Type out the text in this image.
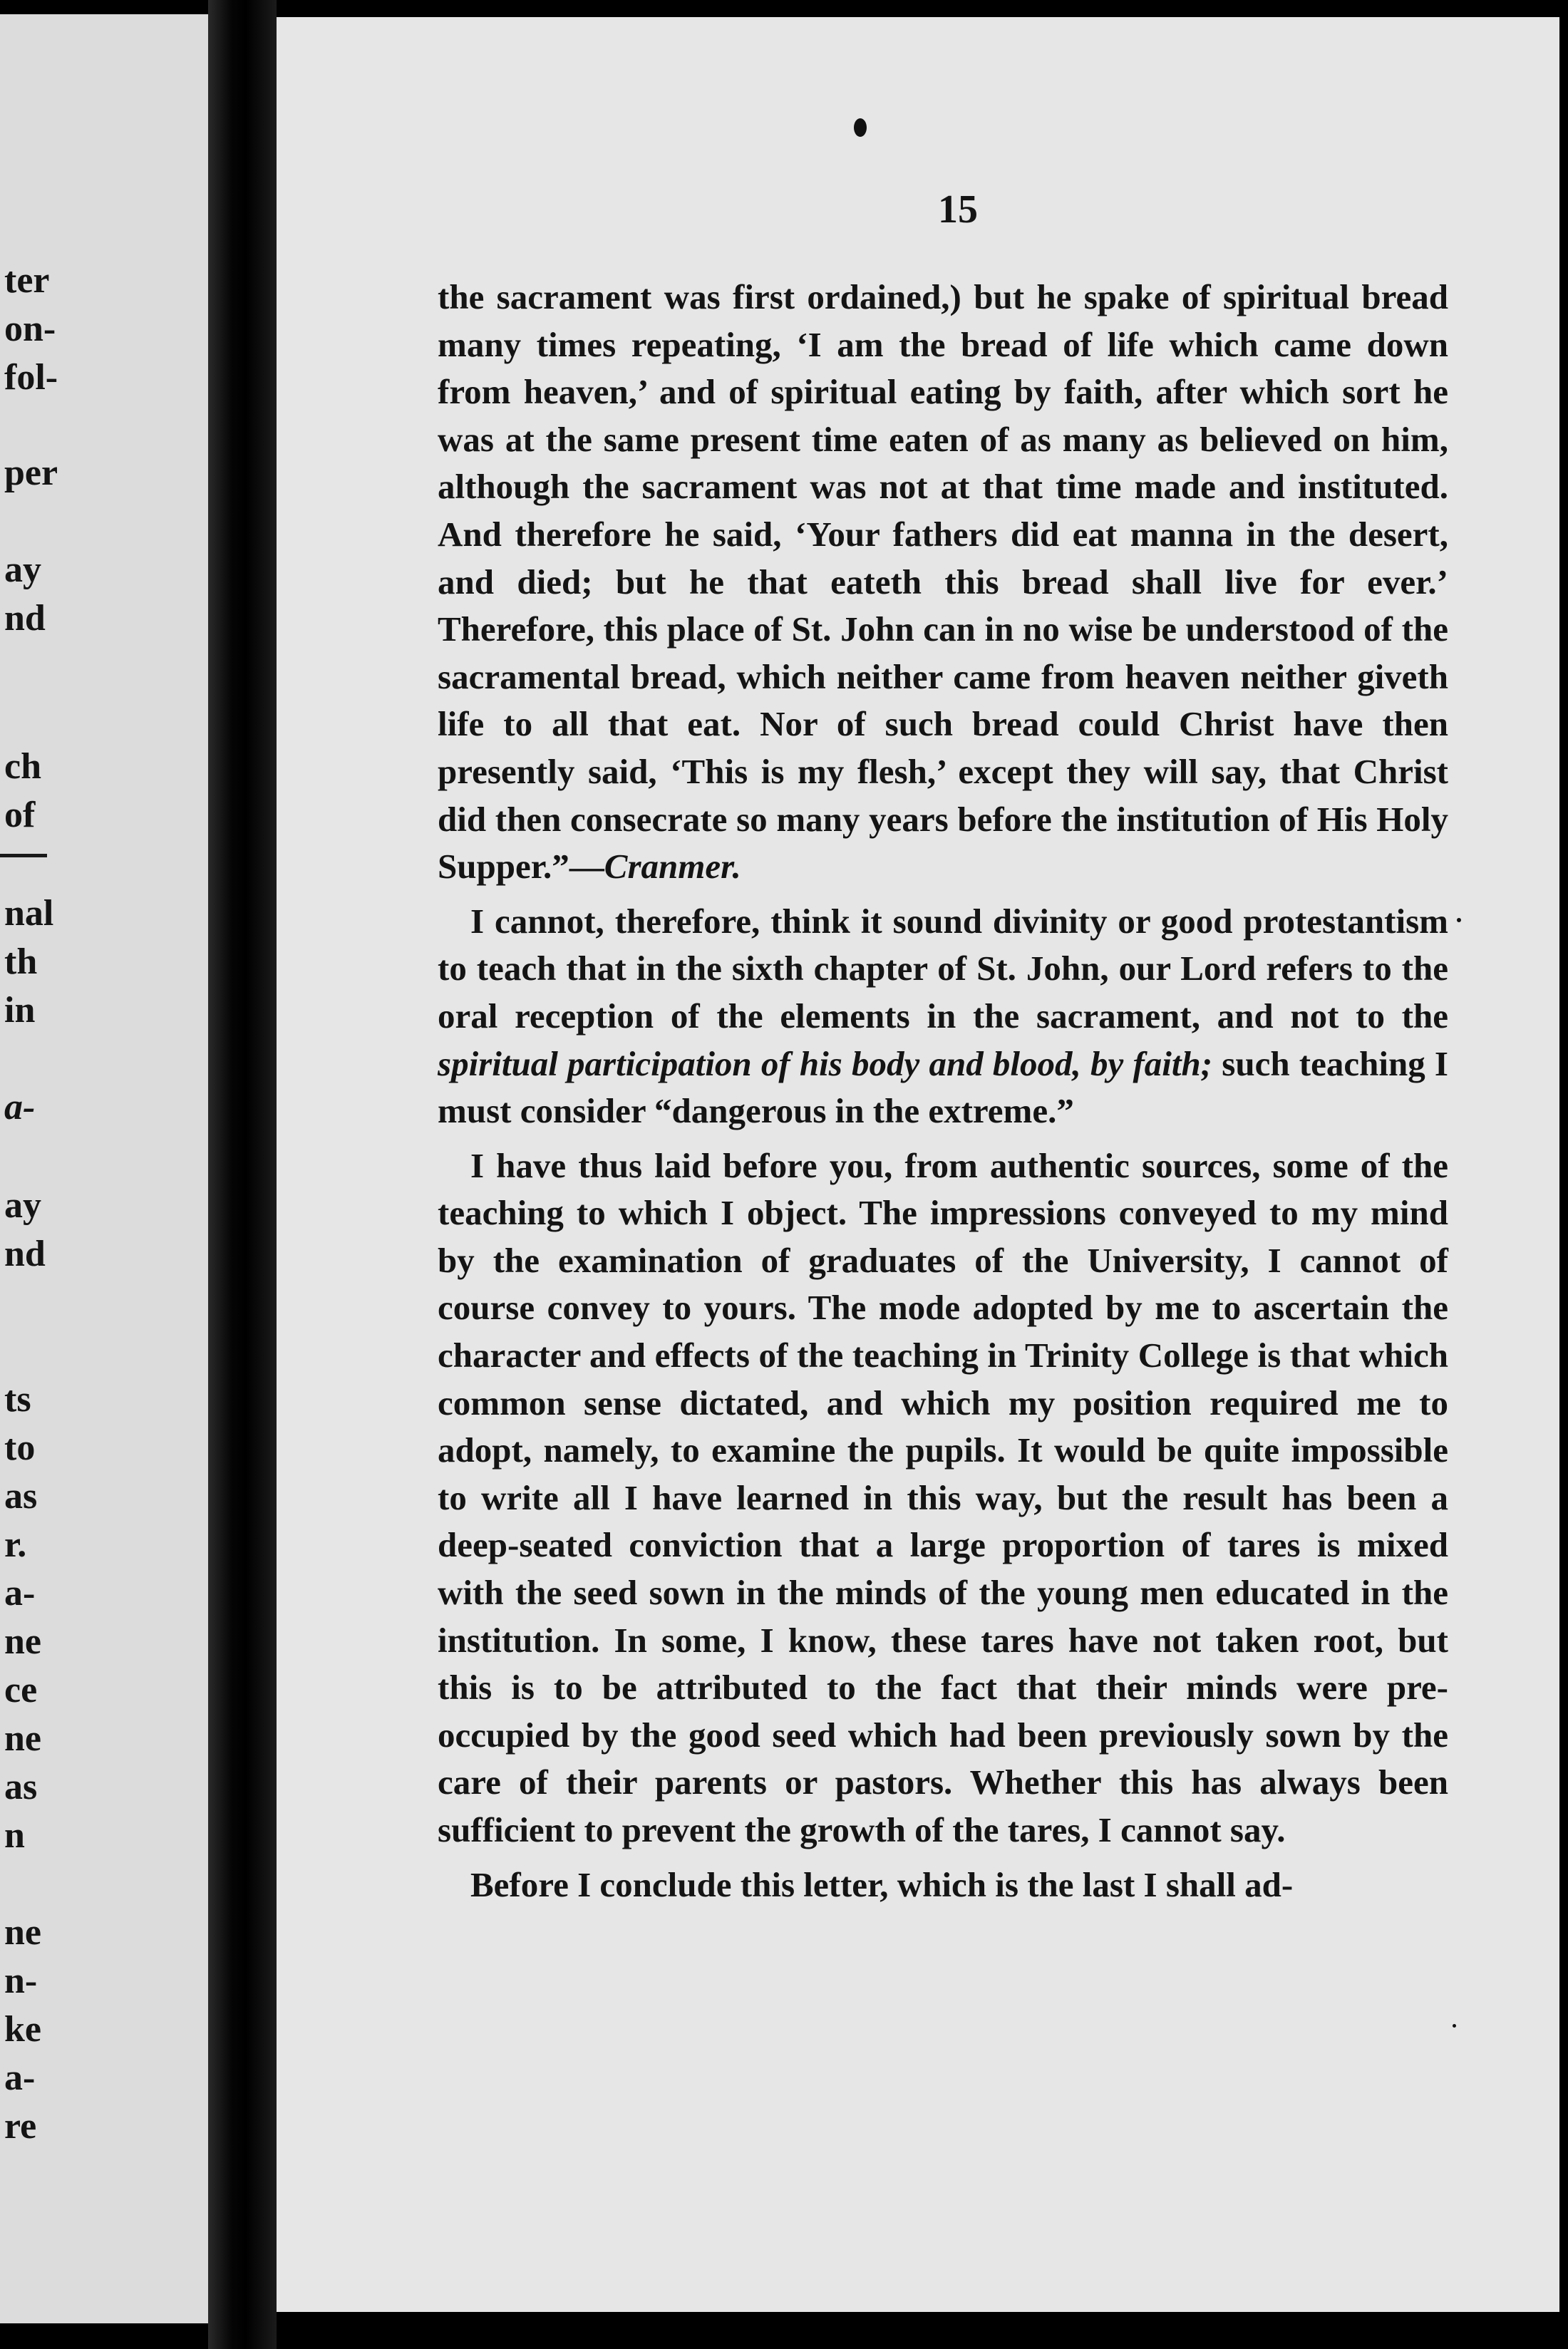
ter
on-
fol-
per
ay
nd
ch
of
nal
th
in
a-
ay
nd
ts
to
as
r.
a-
ne
ce
ne
as
n
ne
n-
ke
a-
re
15

the sacrament was first ordained,) but he spake of spiritual bread many times repeating, ‘I am the bread of life which came down from heaven,’ and of spiritual eating by faith, after which sort he was at the same present time eaten of as many as believed on him, although the sacrament was not at that time made and instituted. And therefore he said, ‘Your fathers did eat manna in the desert, and died; but he that eateth this bread shall live for ever.’ Therefore, this place of St. John can in no wise be understood of the sacramental bread, which neither came from heaven neither giveth life to all that eat. Nor of such bread could Christ have then presently said, ‘This is my flesh,’ except they will say, that Christ did then consecrate so many years before the institution of His Holy Supper.”—Cranmer.

I cannot, therefore, think it sound divinity or good protestantism to teach that in the sixth chapter of St. John, our Lord refers to the oral reception of the elements in the sacrament, and not to the spiritual participation of his body and blood, by faith; such teaching I must consider “dangerous in the extreme.”

I have thus laid before you, from authentic sources, some of the teaching to which I object. The impressions conveyed to my mind by the examination of graduates of the University, I cannot of course convey to yours. The mode adopted by me to ascertain the character and effects of the teaching in Trinity College is that which common sense dictated, and which my position required me to adopt, namely, to examine the pupils. It would be quite impossible to write all I have learned in this way, but the result has been a deep-seated conviction that a large proportion of tares is mixed with the seed sown in the minds of the young men educated in the institution. In some, I know, these tares have not taken root, but this is to be attributed to the fact that their minds were pre-occupied by the good seed which had been previously sown by the care of their parents or pastors. Whether this has always been sufficient to prevent the growth of the tares, I cannot say.

Before I conclude this letter, which is the last I shall ad-
